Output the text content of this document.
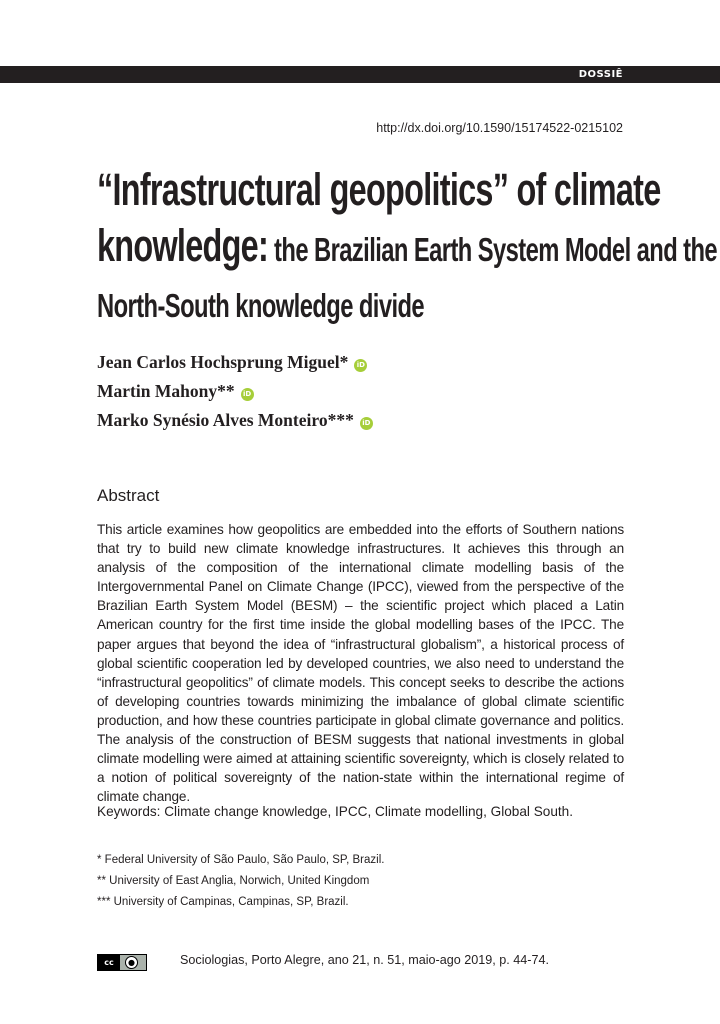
DOSSIÊ
http://dx.doi.org/10.1590/15174522-0215102
“Infrastructural geopolitics” of climate
knowledge: the Brazilian Earth System Model and the
North-South knowledge divide
Jean Carlos Hochsprung Miguel* iD
Martin Mahony** iD
Marko Synésio Alves Monteiro*** iD
Abstract
This article examines how geopolitics are embedded into the efforts of Southern nations that try to build new climate knowledge infrastructures. It achieves this through an analysis of the composition of the international climate modelling basis of the Intergovernmental Panel on Climate Change (IPCC), viewed from the perspective of the Brazilian Earth System Model (BESM) – the scientific project which placed a Latin American country for the first time inside the global modelling bases of the IPCC. The paper argues that beyond the idea of “infrastructural globalism”, a historical process of global scientific cooperation led by developed countries, we also need to understand the “infrastructural geopolitics” of climate models. This concept seeks to describe the actions of developing countries towards minimizing the imbalance of global climate scientific production, and how these countries participate in global climate governance and politics. The analysis of the construction of BESM suggests that national investments in global climate modelling were aimed at attaining scientific sovereignty, which is closely related to a notion of political sovereignty of the nation-state within the international regime of climate change.
Keywords: Climate change knowledge, IPCC, Climate modelling, Global South.
* Federal University of São Paulo, São Paulo, SP, Brazil.
** University of East Anglia, Norwich, United Kingdom
*** University of Campinas, Campinas, SP, Brazil.
cc	●	Sociologias, Porto Alegre, ano 21, n. 51, maio-ago 2019, p. 44-74.
